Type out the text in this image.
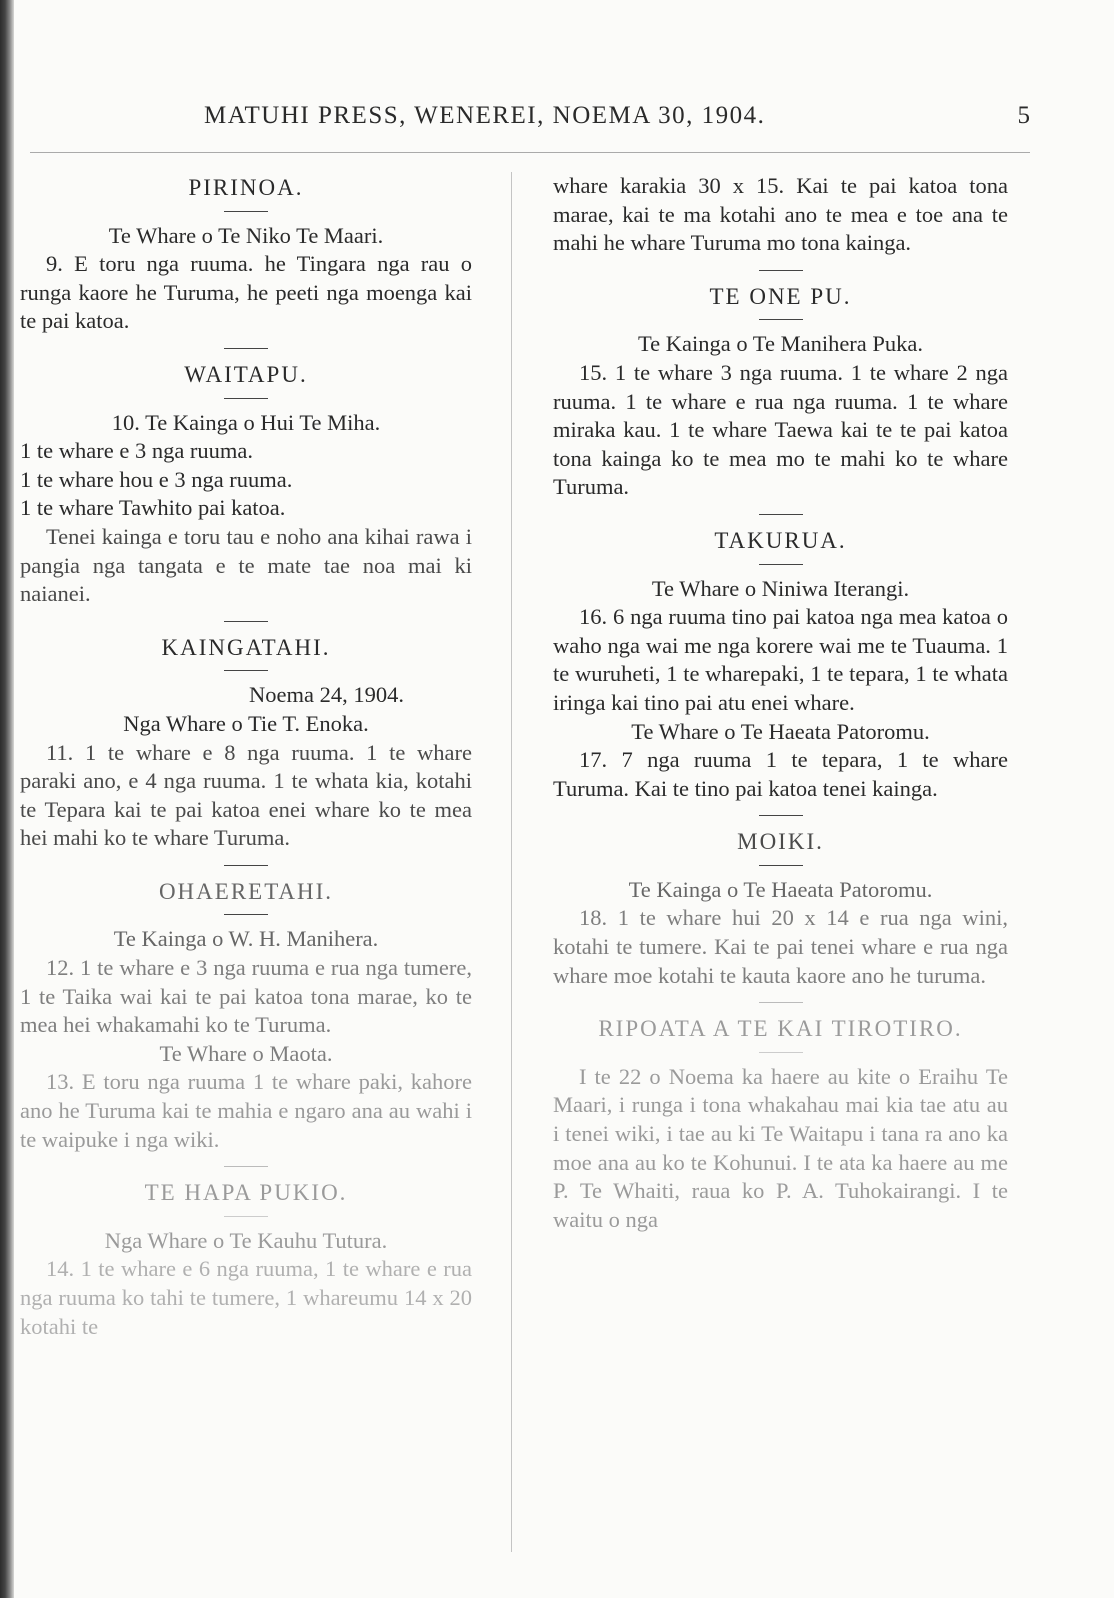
MATUHI PRESS, WENEREI, NOEMA 30, 1904.	5
PIRINOA.
Te Whare o Te Niko Te Maari.

9. E toru nga ruuma. he Tingara nga rau o runga kaore he Turuma, he peeti nga moenga kai te pai katoa.

WAITAPU.
10. Te Kainga o Hui Te Miha.
1 te whare e 3 nga ruuma.
1 te whare hou e 3 nga ruuma.
1 te whare Tawhito pai katoa.

Tenei kainga e toru tau e noho ana kihai rawa i pangia nga tangata e te mate tae noa mai ki naianei.

KAINGATAHI.
Noema 24, 1904.
Nga Whare o Tie T. Enoka.

11. 1 te whare e 8 nga ruuma. 1 te whare paraki ano, e 4 nga ruuma. 1 te whata kia, kotahi te Tepara kai te pai katoa enei whare ko te mea hei mahi ko te whare Turuma.

OHAERETAHI.
Te Kainga o W. H. Manihera.

12. 1 te whare e 3 nga ruuma e rua nga tumere, 1 te Taika wai kai te pai katoa tona marae, ko te mea hei whakamahi ko te Turuma.

Te Whare o Maota.

13. E toru nga ruuma 1 te whare paki, kahore ano he Turuma kai te mahia e ngaro ana au wahi i te waipuke i nga wiki.

TE HAPA PUKIO.
Nga Whare o Te Kauhu Tutura.

14. 1 te whare e 6 nga ruuma, 1 te whare e rua nga ruuma ko tahi te tumere, 1 whareumu 14 x 20 kotahi te

whare karakia 30 x 15. Kai te pai katoa tona marae, kai te ma kotahi ano te mea e toe ana te mahi he whare Turuma mo tona kainga.

TE ONE PU.
Te Kainga o Te Manihera Puka.

15. 1 te whare 3 nga ruuma. 1 te whare 2 nga ruuma. 1 te whare e rua nga ruuma. 1 te whare miraka kau. 1 te whare Taewa kai te te pai katoa tona kainga ko te mea mo te mahi ko te whare Turuma.

TAKURUA.
Te Whare o Niniwa Iterangi.

16. 6 nga ruuma tino pai katoa nga mea katoa o waho nga wai me nga korere wai me te Tuauma. 1 te wuruheti, 1 te wharepaki, 1 te tepara, 1 te whata iringa kai tino pai atu enei whare.

Te Whare o Te Haeata Patoromu.

17. 7 nga ruuma 1 te tepara, 1 te whare Turuma. Kai te tino pai katoa tenei kainga.

MOIKI.
Te Kainga o Te Haeata Patoromu.

18. 1 te whare hui 20 x 14 e rua nga wini, kotahi te tumere. Kai te pai tenei whare e rua nga whare moe kotahi te kauta kaore ano he turuma.

RIPOATA A TE KAI TIROTIRO.

I te 22 o Noema ka haere au kite o Eraihu Te Maari, i runga i tona whakahau mai kia tae atu au i tenei wiki, i tae au ki Te Waitapu i tana ra ano ka moe ana au ko te Kohunui. I te ata ka haere au me P. Te Whaiti, raua ko P. A. Tuhokairangi. I te waitu o nga
